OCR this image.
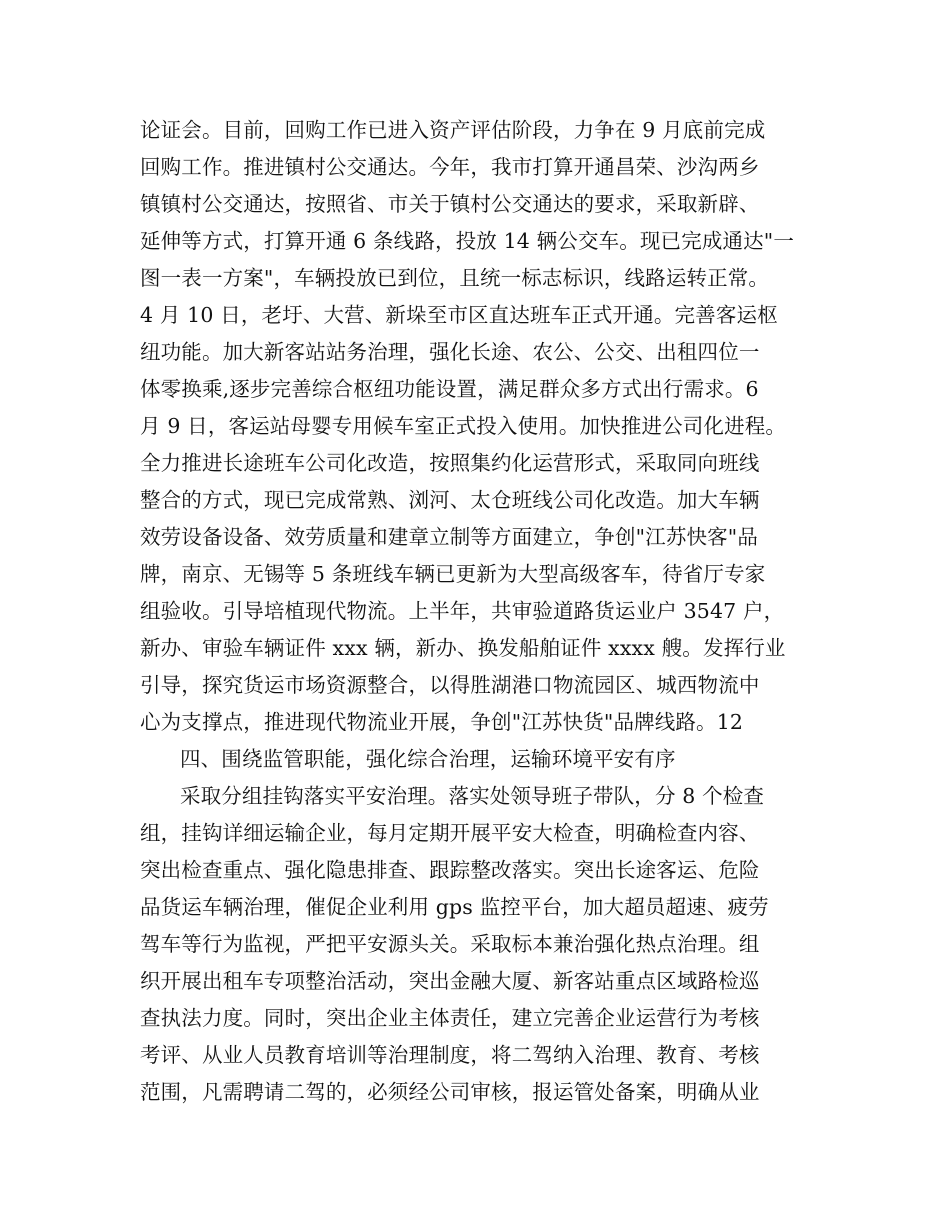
论证会。目前，回购工作已进入资产评估阶段，力争在 9 月底前完成
回购工作。推进镇村公交通达。今年，我市打算开通昌荣、沙沟两乡
镇镇村公交通达，按照省、市关于镇村公交通达的要求，采取新辟、
延伸等方式，打算开通 6 条线路，投放 14 辆公交车。现已完成通达"一
图一表一方案"，车辆投放已到位，且统一标志标识，线路运转正常。
4 月 10 日，老圩、大营、新垛至市区直达班车正式开通。完善客运枢
纽功能。加大新客站站务治理，强化长途、农公、公交、出租四位一
体零换乘,逐步完善综合枢纽功能设置，满足群众多方式出行需求。6
月 9 日，客运站母婴专用候车室正式投入使用。加快推进公司化进程。
全力推进长途班车公司化改造，按照集约化运营形式，采取同向班线
整合的方式，现已完成常熟、浏河、太仓班线公司化改造。加大车辆
效劳设备设备、效劳质量和建章立制等方面建立，争创"江苏快客"品
牌，南京、无锡等 5 条班线车辆已更新为大型高级客车，待省厅专家
组验收。引导培植现代物流。上半年，共审验道路货运业户 3547 户，
新办、审验车辆证件 xxx 辆，新办、换发船舶证件 xxxx 艘。发挥行业
引导，探究货运市场资源整合，以得胜湖港口物流园区、城西物流中
心为支撑点，推进现代物流业开展，争创"江苏快货"品牌线路。12
四、围绕监管职能，强化综合治理，运输环境平安有序
采取分组挂钩落实平安治理。落实处领导班子带队，分 8 个检查
组，挂钩详细运输企业，每月定期开展平安大检查，明确检查内容、
突出检查重点、强化隐患排查、跟踪整改落实。突出长途客运、危险
品货运车辆治理，催促企业利用 gps 监控平台，加大超员超速、疲劳
驾车等行为监视，严把平安源头关。采取标本兼治强化热点治理。组
织开展出租车专项整治活动，突出金融大厦、新客站重点区域路检巡
查执法力度。同时，突出企业主体责任，建立完善企业运营行为考核
考评、从业人员教育培训等治理制度，将二驾纳入治理、教育、考核
范围，凡需聘请二驾的，必须经公司审核，报运管处备案，明确从业
